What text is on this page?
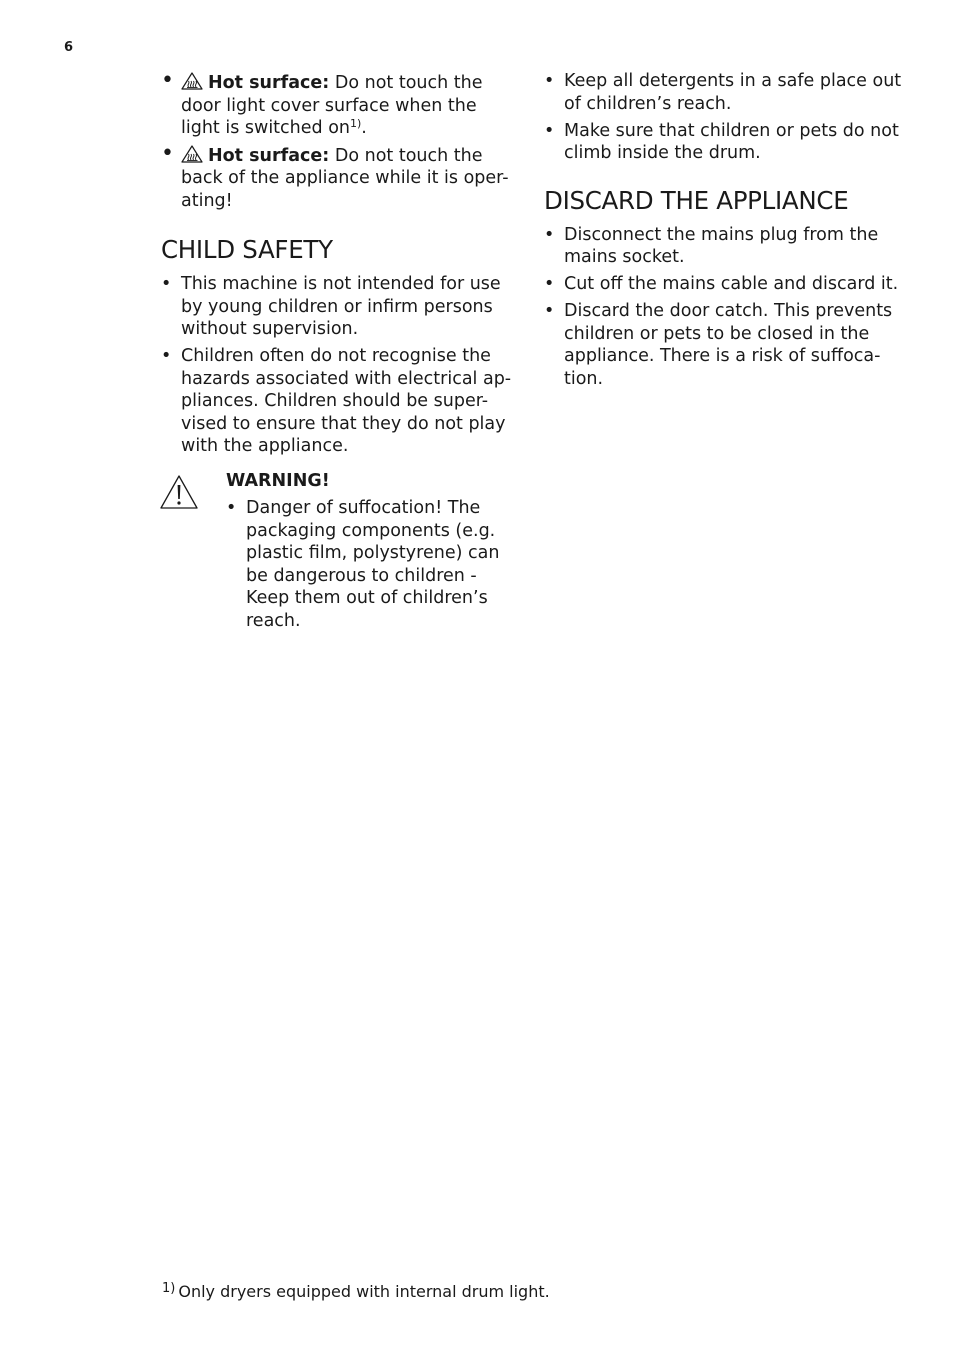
6
• Hot surface: Do not touch the door light cover surface when the light is switched $on^{1)}$.
• Hot surface: Do not touch the back of the appliance while it is oper-ating!
CHILD SAFETY
• This machine is not intended for use by young children or infirm persons without supervision.
• Children often do not recognise the hazards associated with electrical ap-pliances. Children should be super-vised to ensure that they do not play with the appliance.
WARNING!
• Danger of suffocation! The packaging components (e.g. plastic film, polystyrene) can be dangerous to children - Keep them out of children’s reach.
• Keep all detergents in a safe place out of children’s reach.
• Make sure that children or pets do not climb inside the drum.
DISCARD THE APPLIANCE
• Disconnect the mains plug from the mains socket.
• Cut off the mains cable and discard it.
• Discard the door catch. This prevents children or pets to be closed in the appliance. There is a risk of suffoca-tion.
$^{1)}$ Only dryers equipped with internal drum light.
